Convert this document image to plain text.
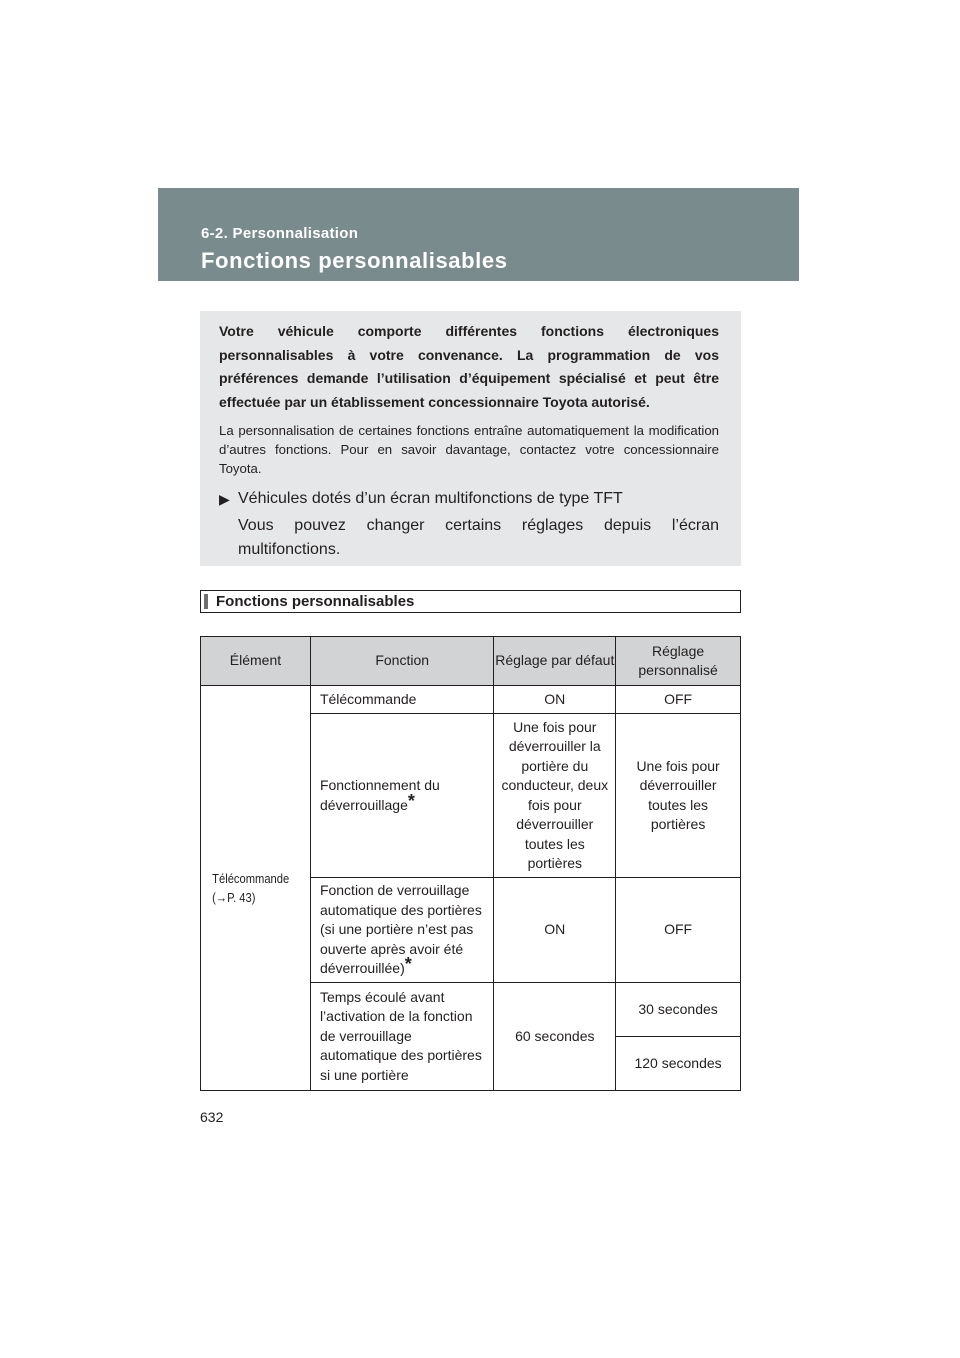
6-2. Personnalisation
Fonctions personnalisables

Votre véhicule comporte différentes fonctions électroniques personnalisables à votre convenance. La programmation de vos préférences demande l’utilisation d’équipement spécialisé et peut être effectuée par un établissement concessionnaire Toyota autorisé.

La personnalisation de certaines fonctions entraîne automatiquement la modification d’autres fonctions. Pour en savoir davantage, contactez votre concessionnaire Toyota.

▶ Véhicules dotés d’un écran multifonctions de type TFT

Vous pouvez changer certains réglages depuis l’écran multifonctions.

Fonctions personnalisables
Élément	Fonction	Réglage par défaut	Réglage personnalisé

Télécommande
(→P. 43)	Télécommande	ON	OFF
	Fonctionnement du déverrouillage*	Une fois pour déverrouiller la portière du conducteur, deux fois pour déverrouiller toutes les portières	Une fois pour déverrouiller toutes les portières
	Fonction de verrouillage automatique des portières (si une portière n’est pas ouverte après avoir été déverrouillée)*	ON	OFF
	Temps écoulé avant l’activation de la fonction de verrouillage automatique des portières si une portière	60 secondes	30 secondes
			120 secondes
632
